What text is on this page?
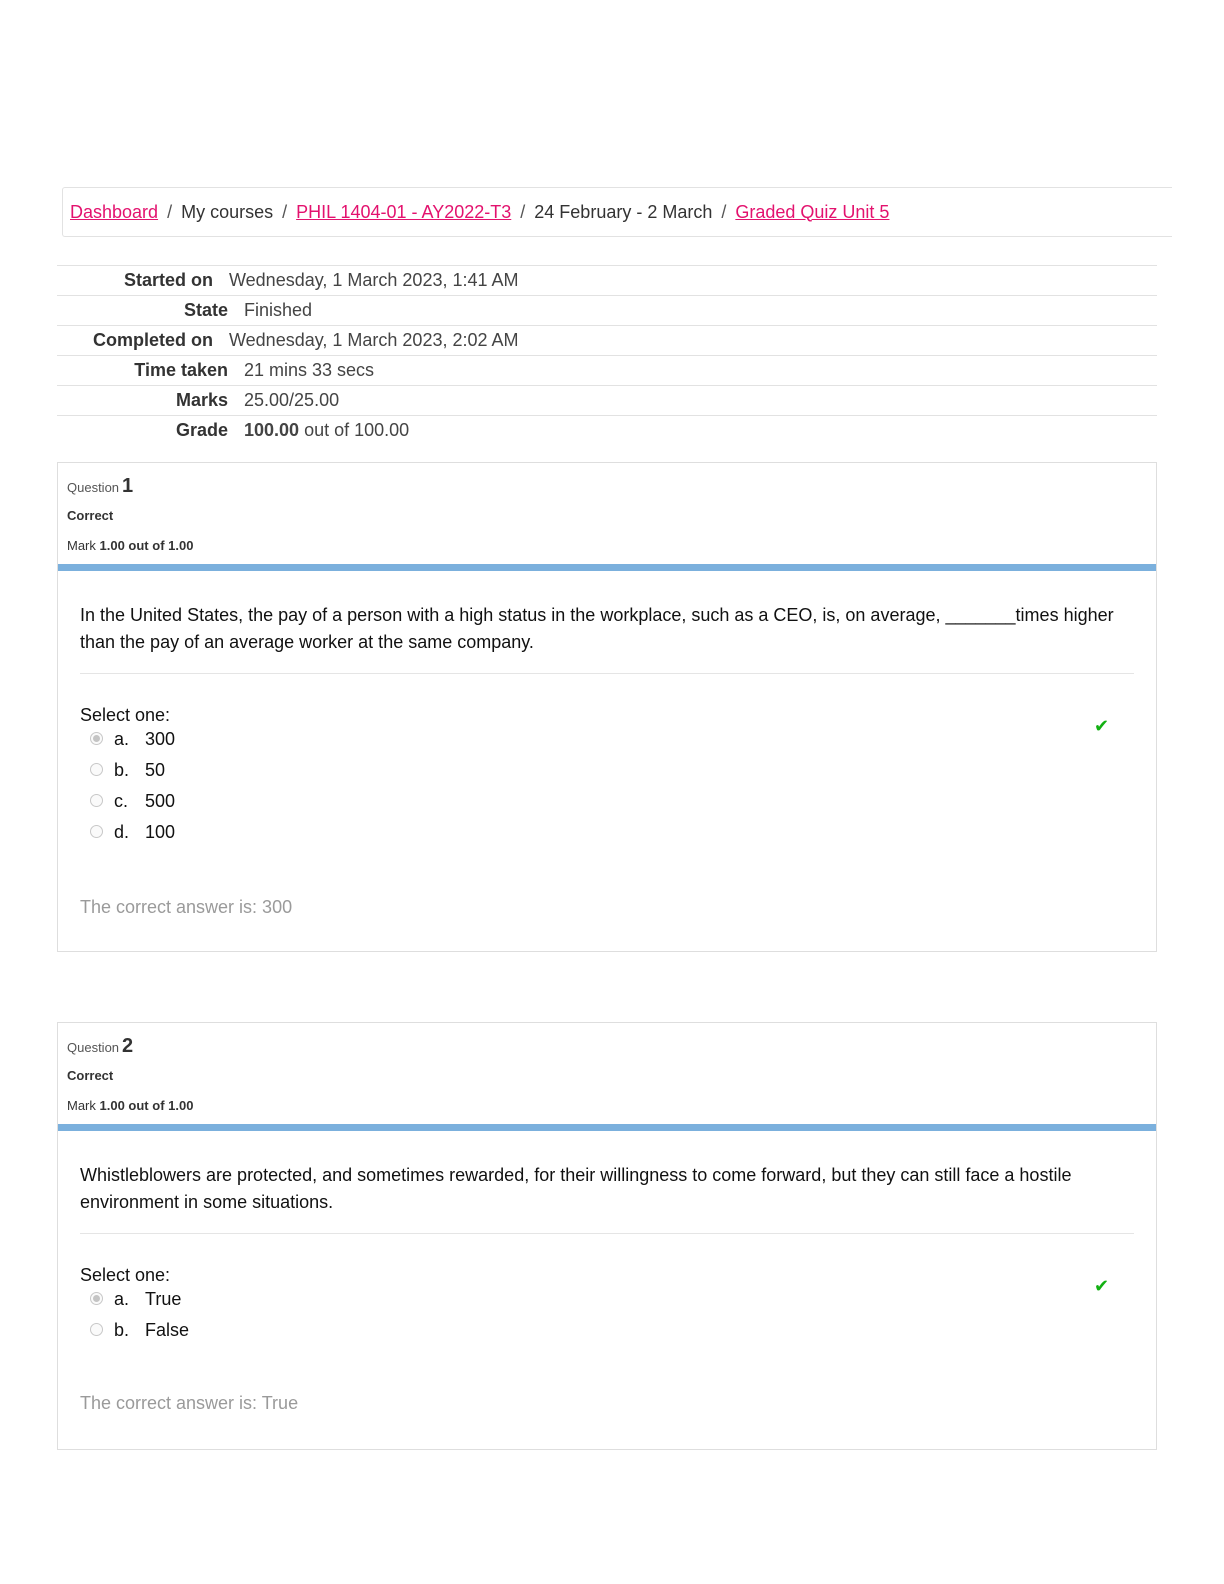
Dashboard / My courses / PHIL 1404-01 - AY2022-T3 / 24 February - 2 March / Graded Quiz Unit 5
Started on Wednesday, 1 March 2023, 1:41 AM
State Finished
Completed on Wednesday, 1 March 2023, 2:02 AM
Time taken 21 mins 33 secs
Marks 25.00/25.00
Grade 100.00 out of 100.00
Question 1
Correct
Mark 1.00 out of 1.00
In the United States, the pay of a person with a high status in the workplace, such as a CEO, is, on average, _______times higher than the pay of an average worker at the same company.
Select one:
a. 300
✔
b. 50
c. 500
d. 100
The correct answer is: 300
Question 2
Correct
Mark 1.00 out of 1.00
Whistleblowers are protected, and sometimes rewarded, for their willingness to come forward, but they can still face a hostile environment in some situations.
Select one:
a. True
✔
b. False
The correct answer is: True
